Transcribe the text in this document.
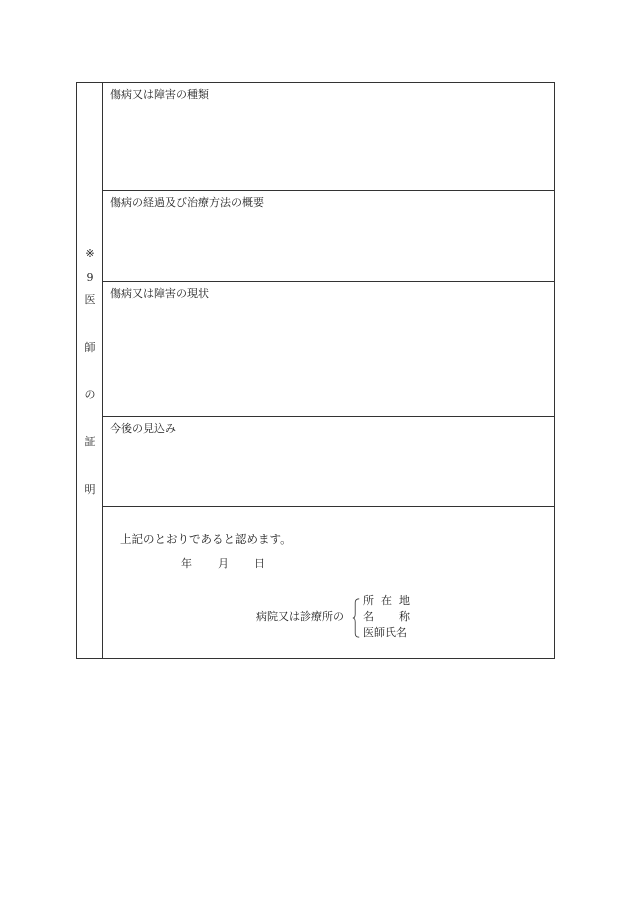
※
9
医
師
の
証
明
傷病又は障害の種類
傷病の経過及び治療方法の概要
傷病又は障害の現状
今後の見込み
上記のとおりであると認めます。
年 月 日
病院又は診療所の
所 在 地
名 称
医師氏名
